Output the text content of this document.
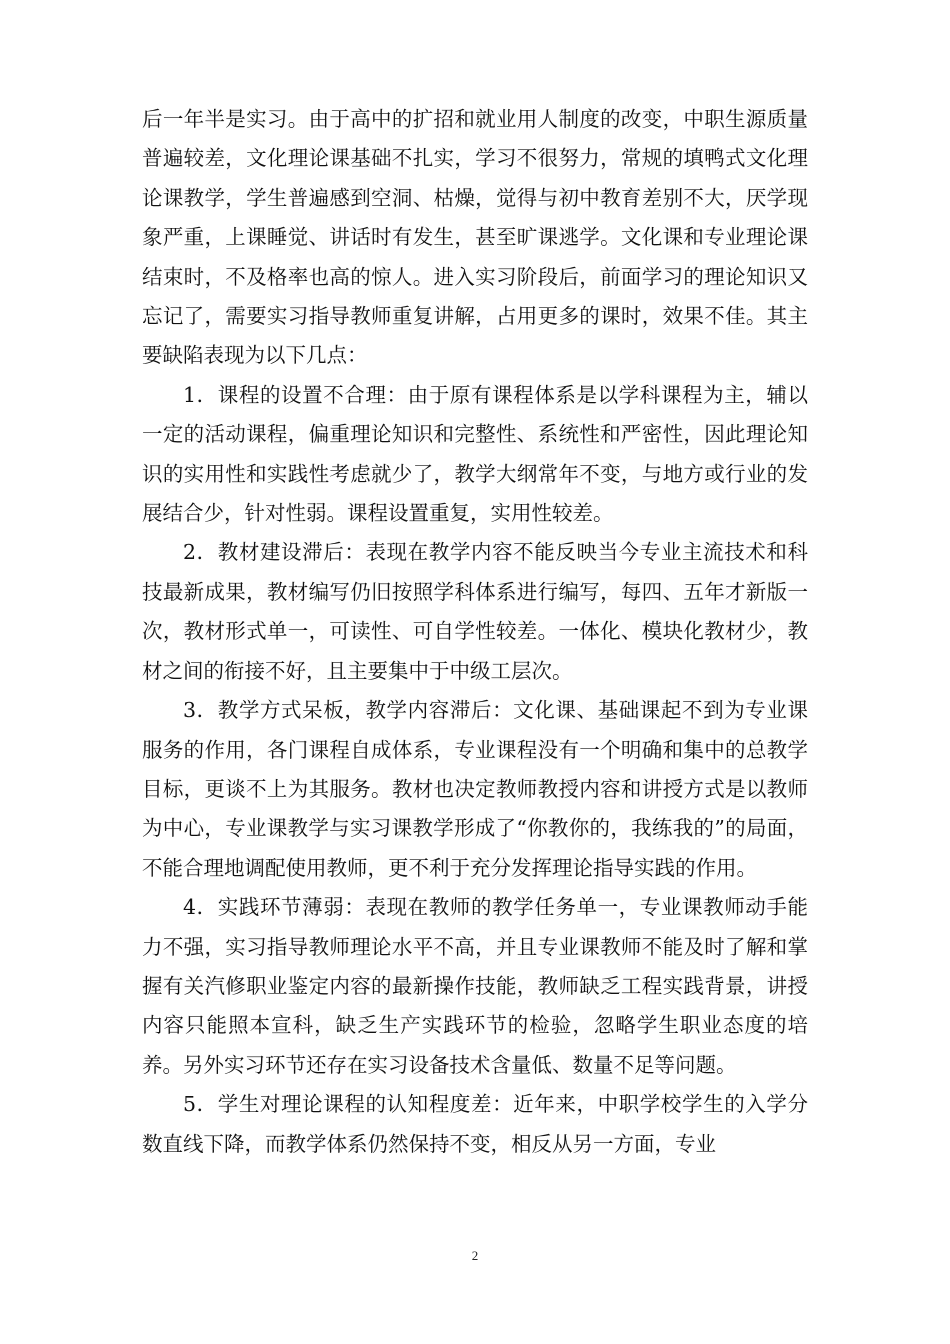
后一年半是实习。由于高中的扩招和就业用人制度的改变，中职生源质量普遍较差，文化理论课基础不扎实，学习不很努力，常规的填鸭式文化理论课教学，学生普遍感到空洞、枯燥，觉得与初中教育差别不大，厌学现象严重，上课睡觉、讲话时有发生，甚至旷课逃学。文化课和专业理论课结束时，不及格率也高的惊人。进入实习阶段后，前面学习的理论知识又忘记了，需要实习指导教师重复讲解，占用更多的课时，效果不佳。其主要缺陷表现为以下几点：

1．课程的设置不合理：由于原有课程体系是以学科课程为主，辅以一定的活动课程，偏重理论知识和完整性、系统性和严密性，因此理论知识的实用性和实践性考虑就少了，教学大纲常年不变，与地方或行业的发展结合少，针对性弱。课程设置重复，实用性较差。

2．教材建设滞后：表现在教学内容不能反映当今专业主流技术和科技最新成果，教材编写仍旧按照学科体系进行编写，每四、五年才新版一次，教材形式单一，可读性、可自学性较差。一体化、模块化教材少，教材之间的衔接不好，且主要集中于中级工层次。

3．教学方式呆板，教学内容滞后：文化课、基础课起不到为专业课服务的作用，各门课程自成体系，专业课程没有一个明确和集中的总教学目标，更谈不上为其服务。教材也决定教师教授内容和讲授方式是以教师为中心，专业课教学与实习课教学形成了“你教你的，我练我的”的局面，不能合理地调配使用教师，更不利于充分发挥理论指导实践的作用。

4．实践环节薄弱：表现在教师的教学任务单一，专业课教师动手能力不强，实习指导教师理论水平不高，并且专业课教师不能及时了解和掌握有关汽修职业鉴定内容的最新操作技能，教师缺乏工程实践背景，讲授内容只能照本宣科，缺乏生产实践环节的检验，忽略学生职业态度的培养。另外实习环节还存在实习设备技术含量低、数量不足等问题。

5．学生对理论课程的认知程度差：近年来，中职学校学生的入学分数直线下降，而教学体系仍然保持不变，相反从另一方面，专业

2
